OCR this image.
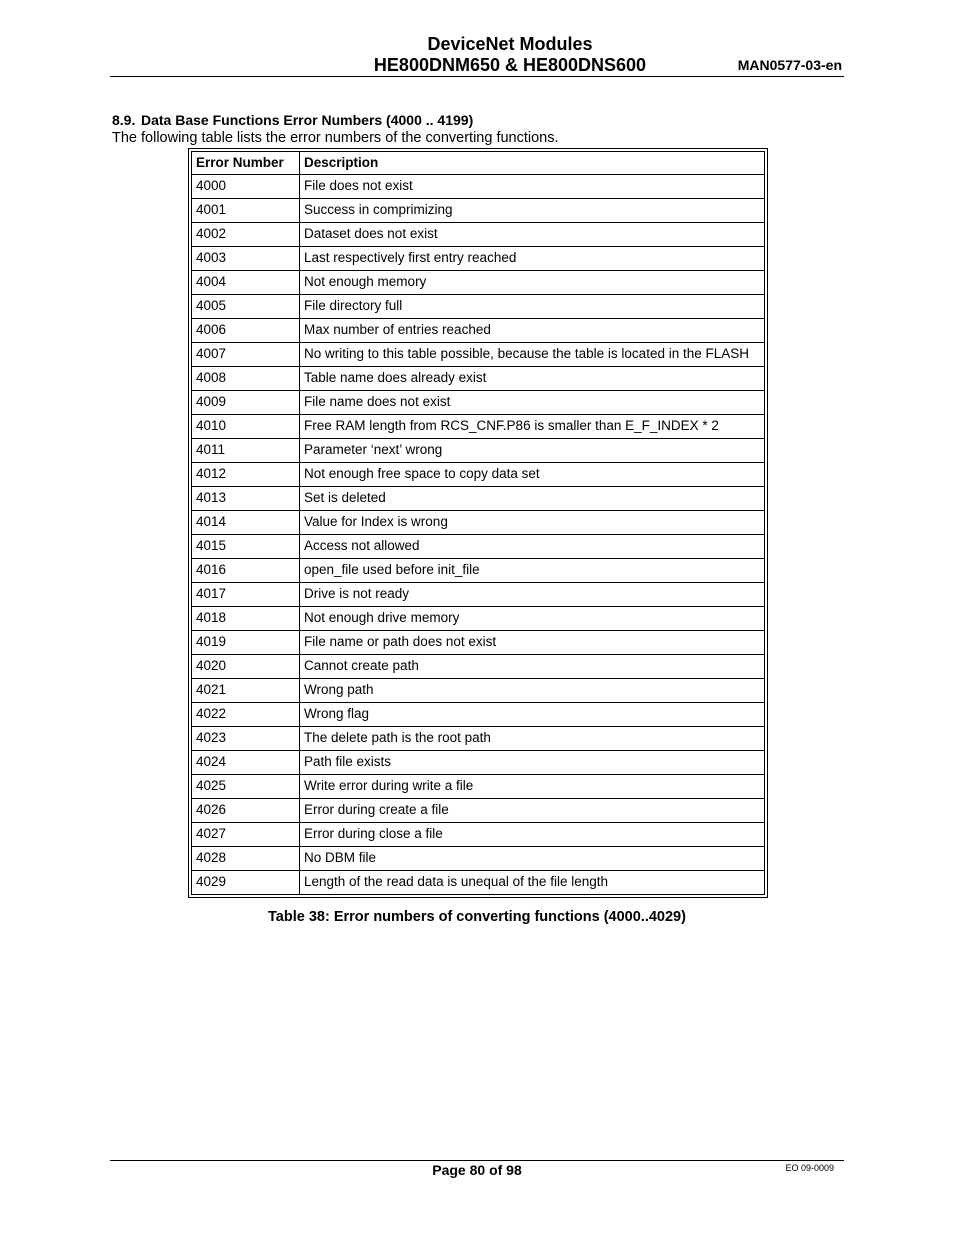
DeviceNet Modules
HE800DNM650 & HE800DNS600	MAN0577-03-en
8.9. Data Base Functions Error Numbers (4000 .. 4199)
The following table lists the error numbers of the converting functions.
Error Number	Description
4000	File does not exist
4001	Success in comprimizing
4002	Dataset does not exist
4003	Last respectively first entry reached
4004	Not enough memory
4005	File directory full
4006	Max number of entries reached
4007	No writing to this table possible, because the table is located in the FLASH
4008	Table name does already exist
4009	File name does not exist
4010	Free RAM length from RCS_CNF.P86 is smaller than E_F_INDEX * 2
4011	Parameter ‘next’ wrong
4012	Not enough free space to copy data set
4013	Set is deleted
4014	Value for Index is wrong
4015	Access not allowed
4016	open_file used before init_file
4017	Drive is not ready
4018	Not enough drive memory
4019	File name or path does not exist
4020	Cannot create path
4021	Wrong path
4022	Wrong flag
4023	The delete path is the root path
4024	Path file exists
4025	Write error during write a file
4026	Error during create a file
4027	Error during close a file
4028	No DBM file
4029	Length of the read data is unequal of the file length
Table 38: Error numbers of converting functions (4000..4029)
Page 80 of 98	EO 09-0009
